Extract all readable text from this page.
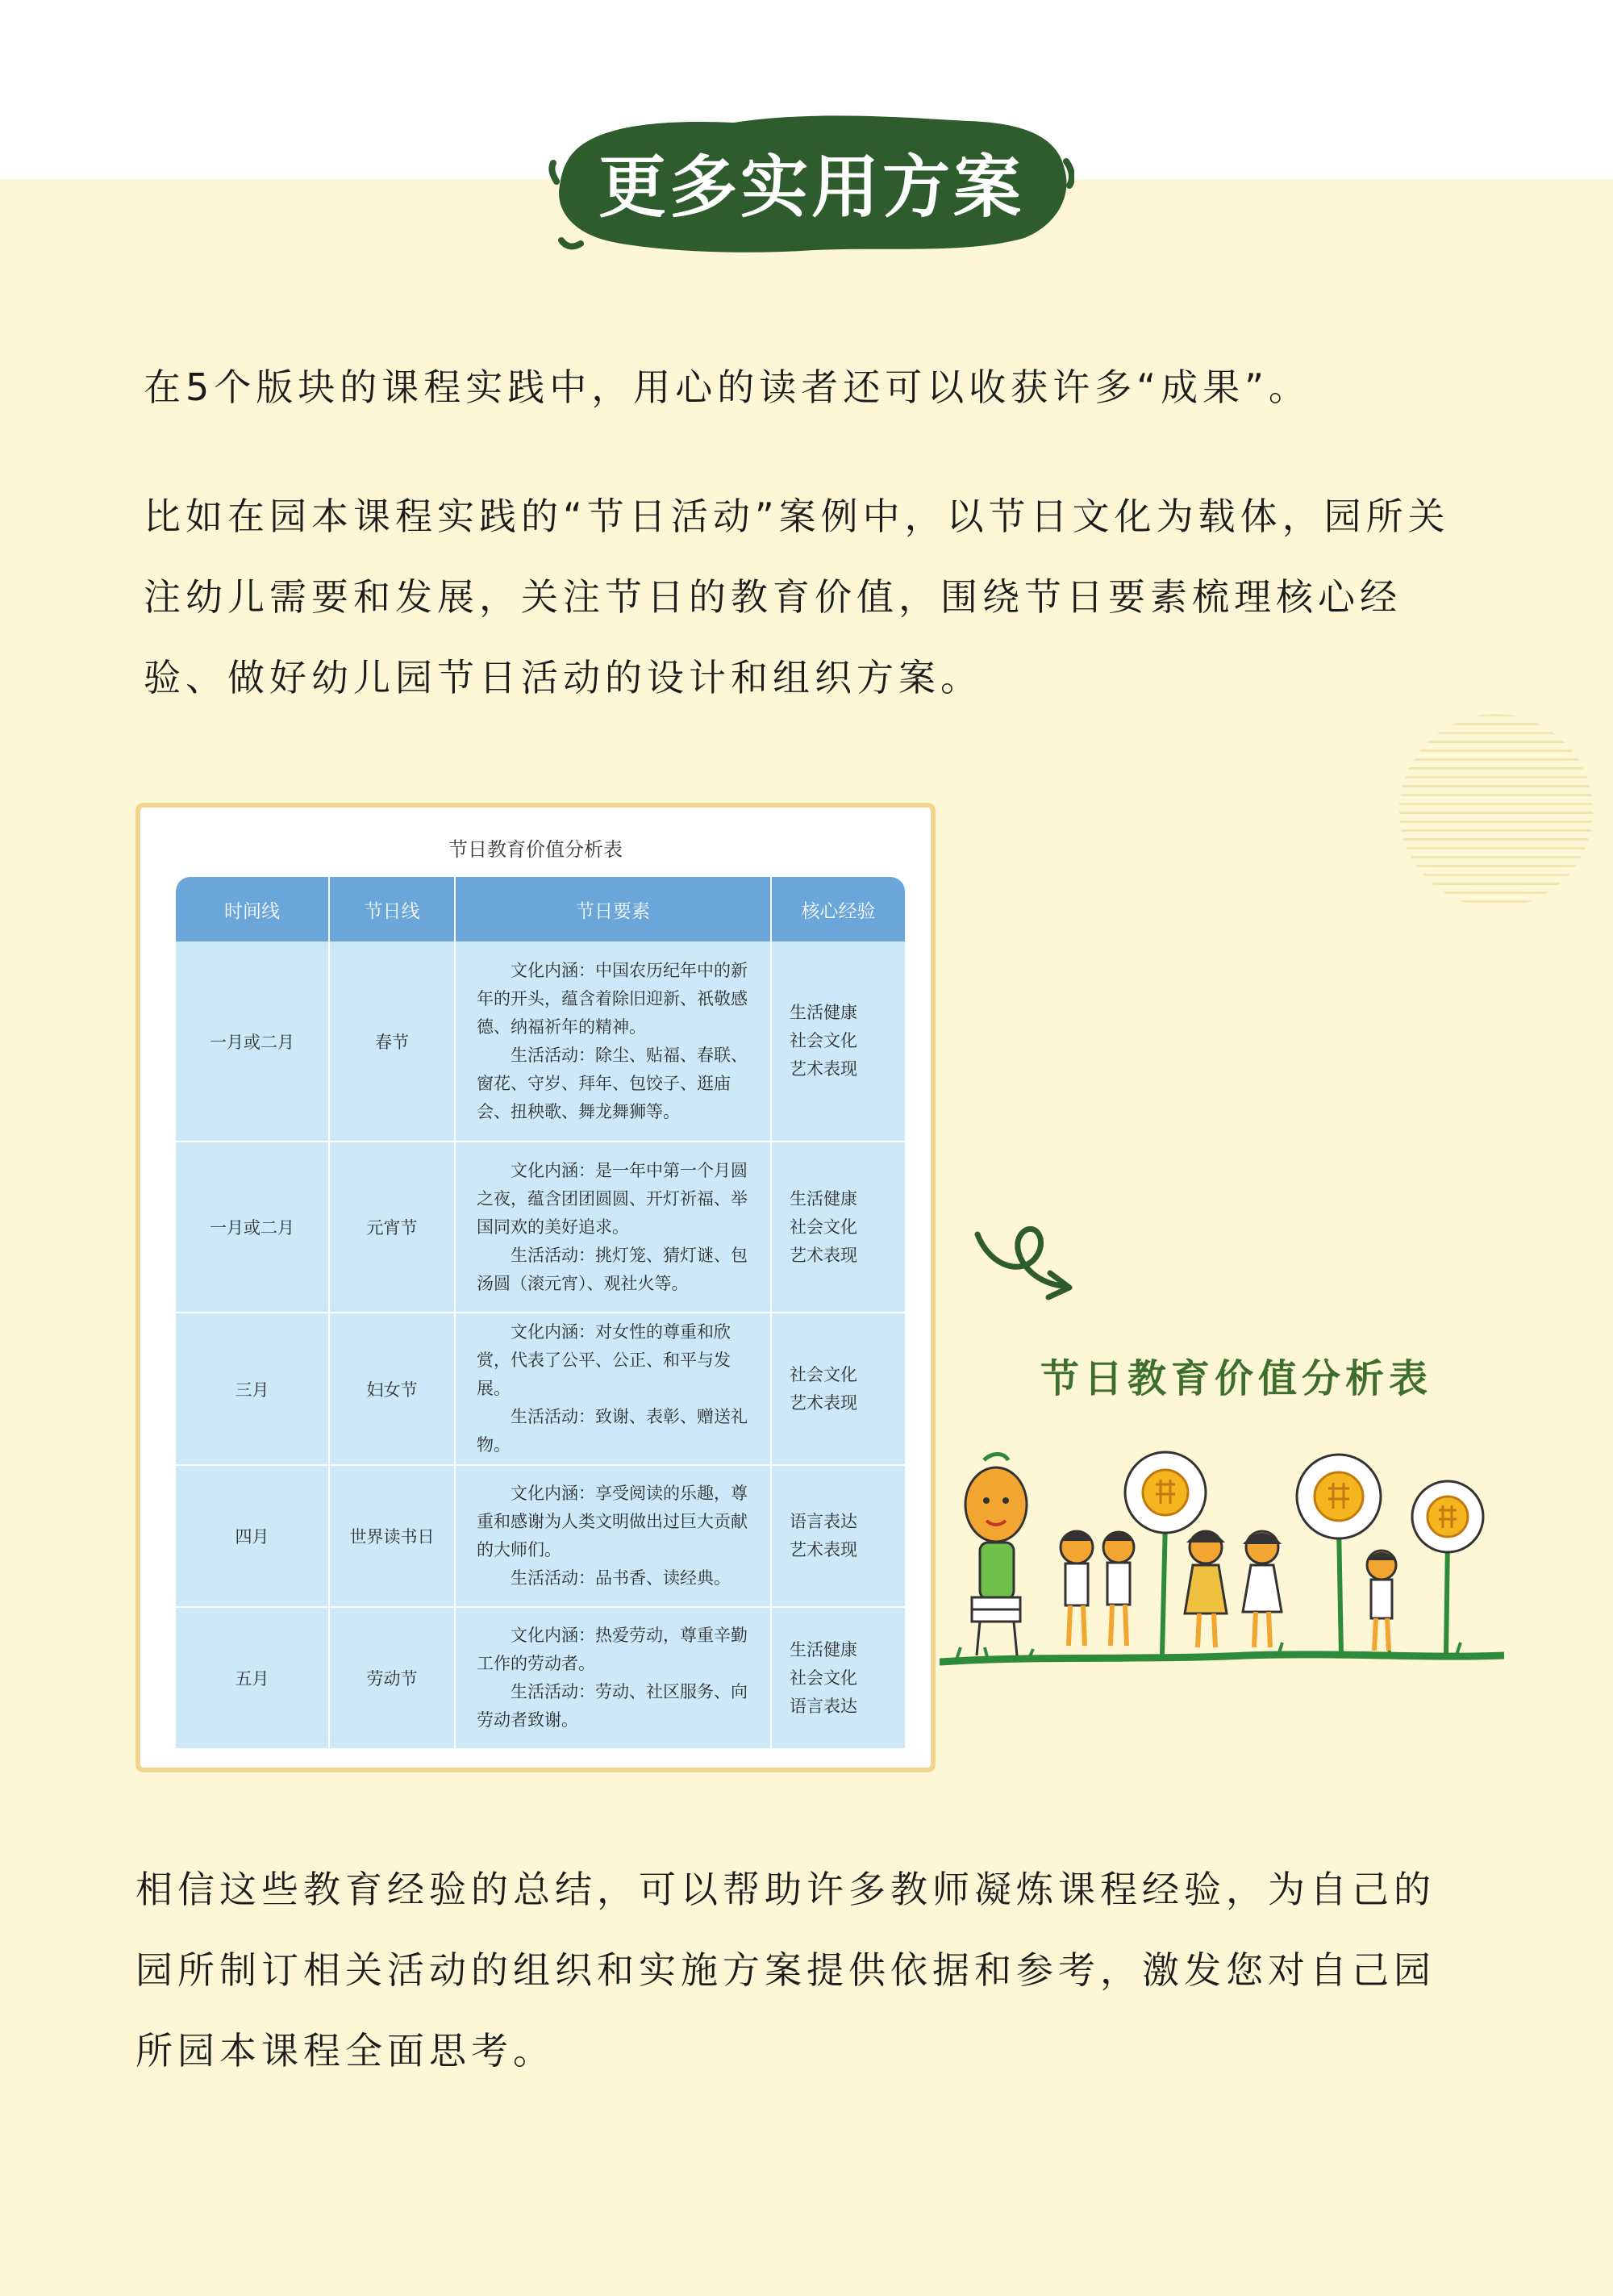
更多实用方案

在5个版块的课程实践中，用心的读者还可以收获许多“成果”。

比如在园本课程实践的“节日活动”案例中，以节日文化为载体，园所关注幼儿需要和发展，关注节日的教育价值，围绕节日要素梳理核心经验、做好幼儿园节日活动的设计和组织方案。

节日教育价值分析表
时间线	节日线	节日要素	核心经验
一月或二月	春节	文化内涵：中国农历纪年中的新年的开头，蕴含着除旧迎新、祇敬感德、纳福祈年的精神。
生活活动：除尘、贴福、春联、窗花、守岁、拜年、包饺子、逛庙会、扭秧歌、舞龙舞狮等。	生活健康
社会文化
艺术表现

一月或二月	元宵节	文化内涵：是一年中第一个月圆之夜，蕴含团团圆圆、开灯祈福、举国同欢的美好追求。
生活活动：挑灯笼、猜灯谜、包汤圆（滚元宵）、观社火等。	生活健康
社会文化
艺术表现

三月	妇女节	文化内涵：对女性的尊重和欣赏，代表了公平、公正、和平与发展。
生活活动：致谢、表彰、赠送礼物。	社会文化
艺术表现

四月	世界读书日	文化内涵：享受阅读的乐趣，尊重和感谢为人类文明做出过巨大贡献的大师们。
生活活动：品书香、读经典。	语言表达
艺术表现

五月	劳动节	文化内涵：热爱劳动，尊重辛勤工作的劳动者。
生活活动：劳动、社区服务、向劳动者致谢。	生活健康
社会文化
语言表达
节日教育价值分析表

相信这些教育经验的总结，可以帮助许多教师凝炼课程经验，为自己的园所制订相关活动的组织和实施方案提供依据和参考，激发您对自己园所园本课程全面思考。
